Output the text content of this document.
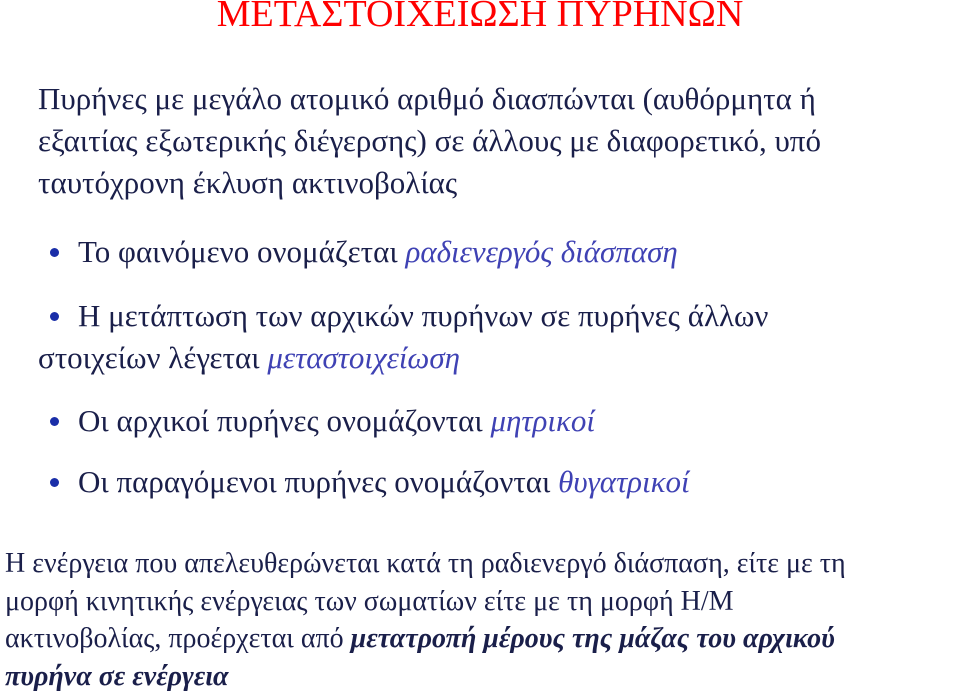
ΜΕΤΑΣΤΟΙΧΕΙΩΣΗ ΠΥΡΗΝΩΝ
Πυρήνες με μεγάλο ατομικό αριθμό διασπώνται (αυθόρμητα ή
εξαιτίας εξωτερικής διέγερσης) σε άλλους με διαφορετικό, υπό
ταυτόχρονη έκλυση ακτινοβολίας
Το φαινόμενο ονομάζεται ραδιενεργός διάσπαση
Η μετάπτωση των αρχικών πυρήνων σε πυρήνες άλλων
στοιχείων λέγεται μεταστοιχείωση
Οι αρχικοί πυρήνες ονομάζονται μητρικοί
Οι παραγόμενοι πυρήνες ονομάζονται θυγατρικοί
Η ενέργεια που απελευθερώνεται κατά τη ραδιενεργό διάσπαση, είτε με τη
μορφή κινητικής ενέργειας των σωματίων είτε με τη μορφή Η/Μ
ακτινοβολίας, προέρχεται από μετατροπή μέρους της μάζας του αρχικού
πυρήνα σε ενέργεια
